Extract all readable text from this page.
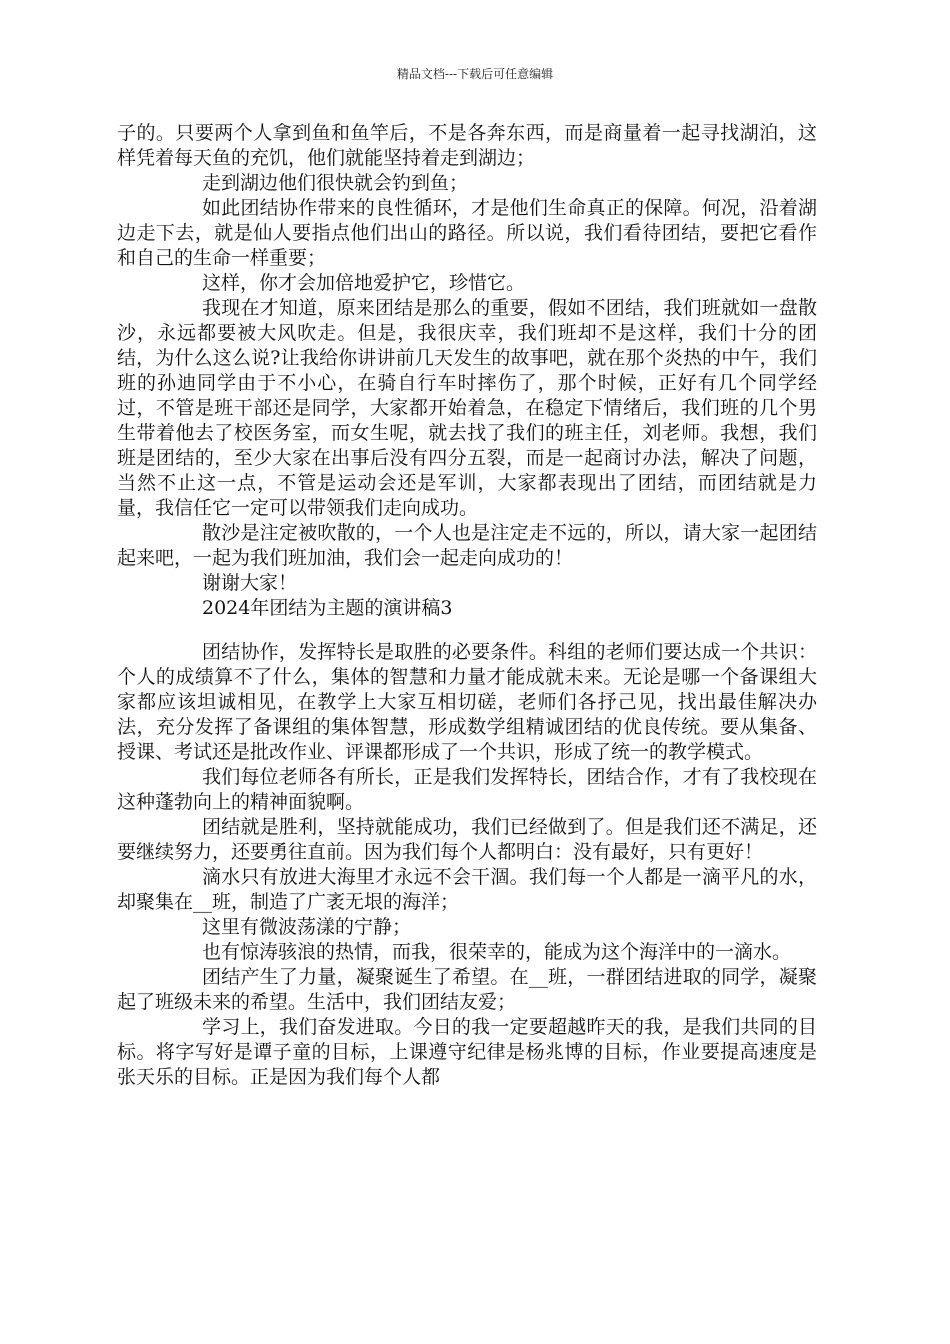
精品文档---下载后可任意编辑

子的。只要两个人拿到鱼和鱼竿后，不是各奔东西，而是商量着一起寻找湖泊，这样凭着每天鱼的充饥，他们就能坚持着走到湖边；

走到湖边他们很快就会钓到鱼；

如此团结协作带来的良性循环，才是他们生命真正的保障。何况，沿着湖边走下去，就是仙人要指点他们出山的路径。所以说，我们看待团结，要把它看作和自己的生命一样重要；

这样，你才会加倍地爱护它，珍惜它。

我现在才知道，原来团结是那么的重要，假如不团结，我们班就如一盘散沙，永远都要被大风吹走。但是，我很庆幸，我们班却不是这样，我们十分的团结，为什么这么说?让我给你讲讲前几天发生的故事吧，就在那个炎热的中午，我们班的孙迪同学由于不小心，在骑自行车时摔伤了，那个时候，正好有几个同学经过，不管是班干部还是同学，大家都开始着急，在稳定下情绪后，我们班的几个男生带着他去了校医务室，而女生呢，就去找了我们的班主任，刘老师。我想，我们班是团结的，至少大家在出事后没有四分五裂，而是一起商讨办法，解决了问题，当然不止这一点，不管是运动会还是军训，大家都表现出了团结，而团结就是力量，我信任它一定可以带领我们走向成功。

散沙是注定被吹散的，一个人也是注定走不远的，所以，请大家一起团结起来吧，一起为我们班加油，我们会一起走向成功的！

谢谢大家！

2024年团结为主题的演讲稿3

团结协作，发挥特长是取胜的必要条件。科组的老师们要达成一个共识：个人的成绩算不了什么，集体的智慧和力量才能成就未来。无论是哪一个备课组大家都应该坦诚相见，在教学上大家互相切磋，老师们各抒己见，找出最佳解决办法，充分发挥了备课组的集体智慧，形成数学组精诚团结的优良传统。要从集备、授课、考试还是批改作业、评课都形成了一个共识，形成了统一的教学模式。

我们每位老师各有所长，正是我们发挥特长，团结合作，才有了我校现在这种蓬勃向上的精神面貌啊。

团结就是胜利，坚持就能成功，我们已经做到了。但是我们还不满足，还要继续努力，还要勇往直前。因为我们每个人都明白：没有最好，只有更好！

滴水只有放进大海里才永远不会干涸。我们每一个人都是一滴平凡的水，却聚集在__班，制造了广袤无垠的海洋；

这里有微波荡漾的宁静；

也有惊涛骇浪的热情，而我，很荣幸的，能成为这个海洋中的一滴水。

团结产生了力量，凝聚诞生了希望。在__班，一群团结进取的同学，凝聚起了班级未来的希望。生活中，我们团结友爱；

学习上，我们奋发进取。今日的我一定要超越昨天的我，是我们共同的目标。将字写好是谭子童的目标，上课遵守纪律是杨兆博的目标，作业要提高速度是张天乐的目标。正是因为我们每个人都
